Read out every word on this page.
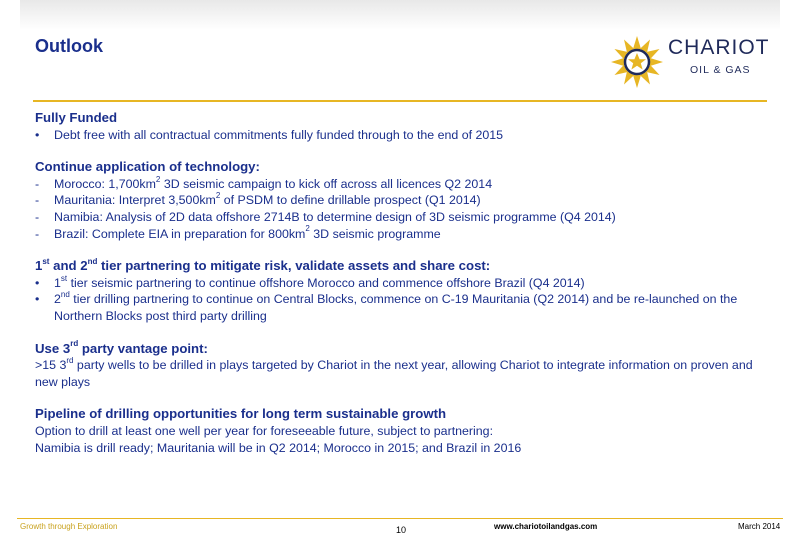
Outlook	CHARIOT
OIL & GAS
Fully Funded
• Debt free with all contractual commitments fully funded through to the end of 2015
Continue application of technology:
- Morocco: $1,700km^2$ 3D seismic campaign to kick off across all licences Q2 2014
- Mauritania: Interpret $3,500km^2$ of PSDM to define drillable prospect (Q1 2014)
- Namibia: Analysis of 2D data offshore 2714B to determine design of 3D seismic programme (Q4 2014)
- Brazil: Complete EIA in preparation for $800km^2$ 3D seismic programme
1st and 2nd tier partnering to mitigate risk, validate assets and share cost:
• 1st tier seismic partnering to continue offshore Morocco and commence offshore Brazil (Q4 2014)
• 2nd tier drilling partnering to continue on Central Blocks, commence on C-19 Mauritania (Q2 2014) and be re-launched on the Northern Blocks post third party drilling
Use 3rd party vantage point:
>15 3rd party wells to be drilled in plays targeted by Chariot in the next year, allowing Chariot to integrate information on proven and new plays
Pipeline of drilling opportunities for long term sustainable growth
Option to drill at least one well per year for foreseeable future, subject to partnering:
Namibia is drill ready; Mauritania will be in Q2 2014; Morocco in 2015; and Brazil in 2016
Growth through Exploration	10	www.chariotoilandgas.com	March 2014
